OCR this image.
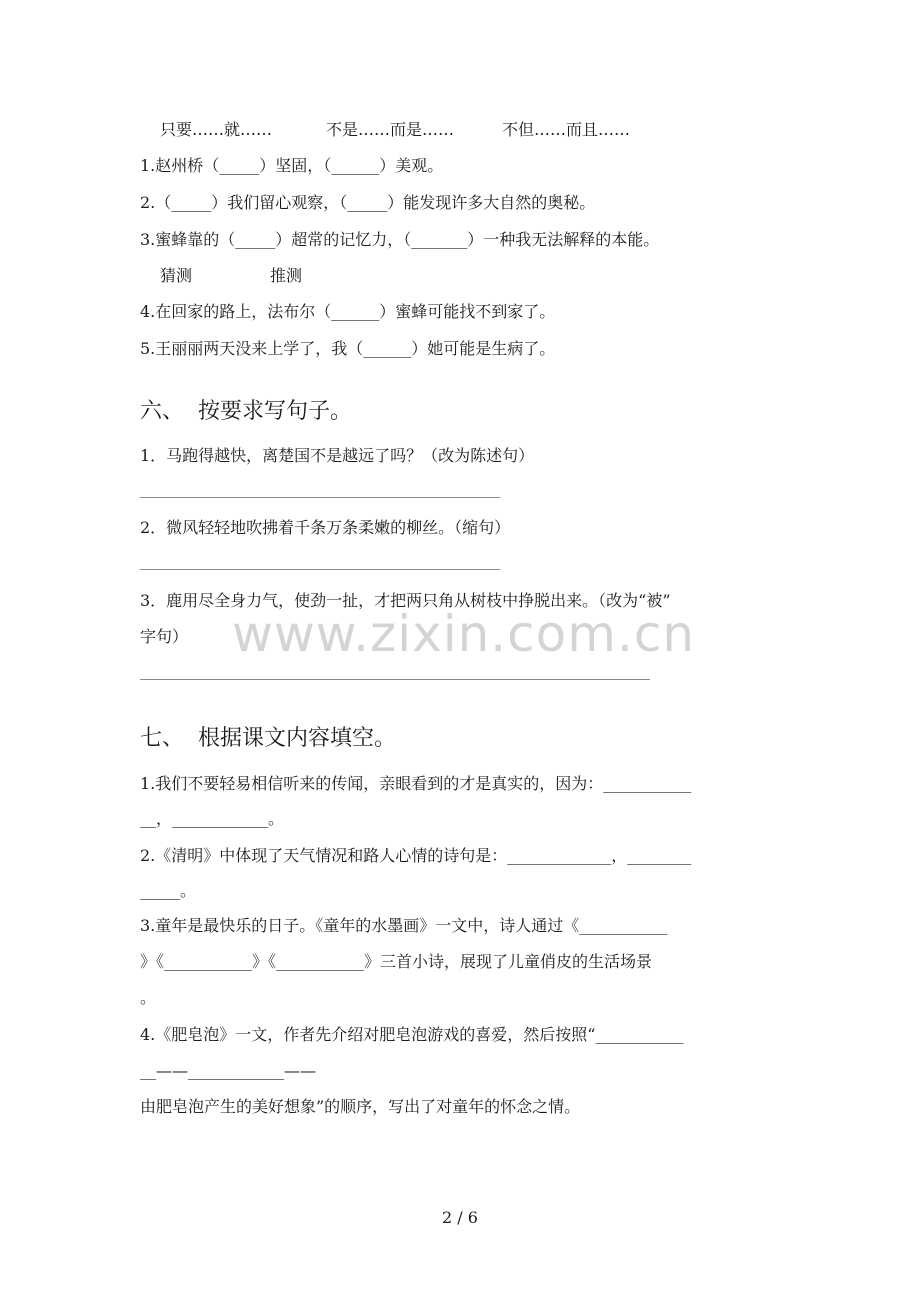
只要……就……	不是……而是……	不但……而且……
1.赵州桥（_____）坚固，（______）美观。
2.（_____）我们留心观察，（_____）能发现许多大自然的奥秘。
3.蜜蜂靠的（_____）超常的记忆力，（_______）一种我无法解释的本能。
猜测	推测
4.在回家的路上，法布尔（______）蜜蜂可能找不到家了。
5.王丽丽两天没来上学了，我（______）她可能是生病了。
六、  按要求写句子。
1．马跑得越快，离楚国不是越远了吗？（改为陈述句）
2．微风轻轻地吹拂着千条万条柔嫩的柳丝。（缩句）
3．鹿用尽全身力气，使劲一扯，才把两只角从树枝中挣脱出来。（改为“被”
字句）
七、  根据课文内容填空。
1.我们不要轻易相信听来的传闻，亲眼看到的才是真实的，因为：___________
__，____________。
2.《清明》中体现了天气情况和路人心情的诗句是：_____________，________
_____。
3.童年是最快乐的日子。《童年的水墨画》一文中，诗人通过《___________
》《___________》《___________》三首小诗，展现了儿童俏皮的生活场景
。
4.《肥皂泡》一文，作者先介绍对肥皂泡游戏的喜爱，然后按照“___________
__——____________——
由肥皂泡产生的美好想象”的顺序，写出了对童年的怀念之情。
www.zixin.com.cn
2 / 6
